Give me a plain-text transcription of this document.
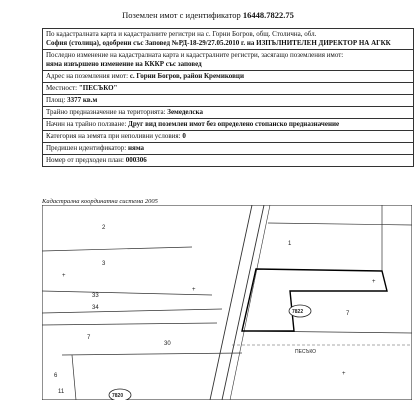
Поземлен имот с идентификатор 16448.7822.75
По кадастралната карта и кадастралните регистри на с. Горни Богров, общ. Столична, обл.
София (столица), одобрени със Заповед №РД-18-29/27.05.2010 г. на ИЗПЪЛНИТЕЛЕН ДИРЕКТОР НА АГКК
Последно изменение на кадастралната карта и кадастралните регистри, засягащо поземления имот:
няма извършено изменение на КККР със заповед
Адрес на поземления имот: с. Горни Богров, район Кремиковци
Местност: "ПЕСЪКО"
Площ: 3377 кв.м
Трайно предназначение на територията: Земеделска
Начин на трайно ползване: Друг вид поземлен имот без определено стопанско предназначение
Категория на земята при неполивни условия: 0
Предишен идентификатор: няма
Номер от предходен план: 000306
Кадастрална координатна система 2005
+
+
+
+
2
3
33
34
7
1
7
6
11
30
7822
7820
ПЕСЪКО
